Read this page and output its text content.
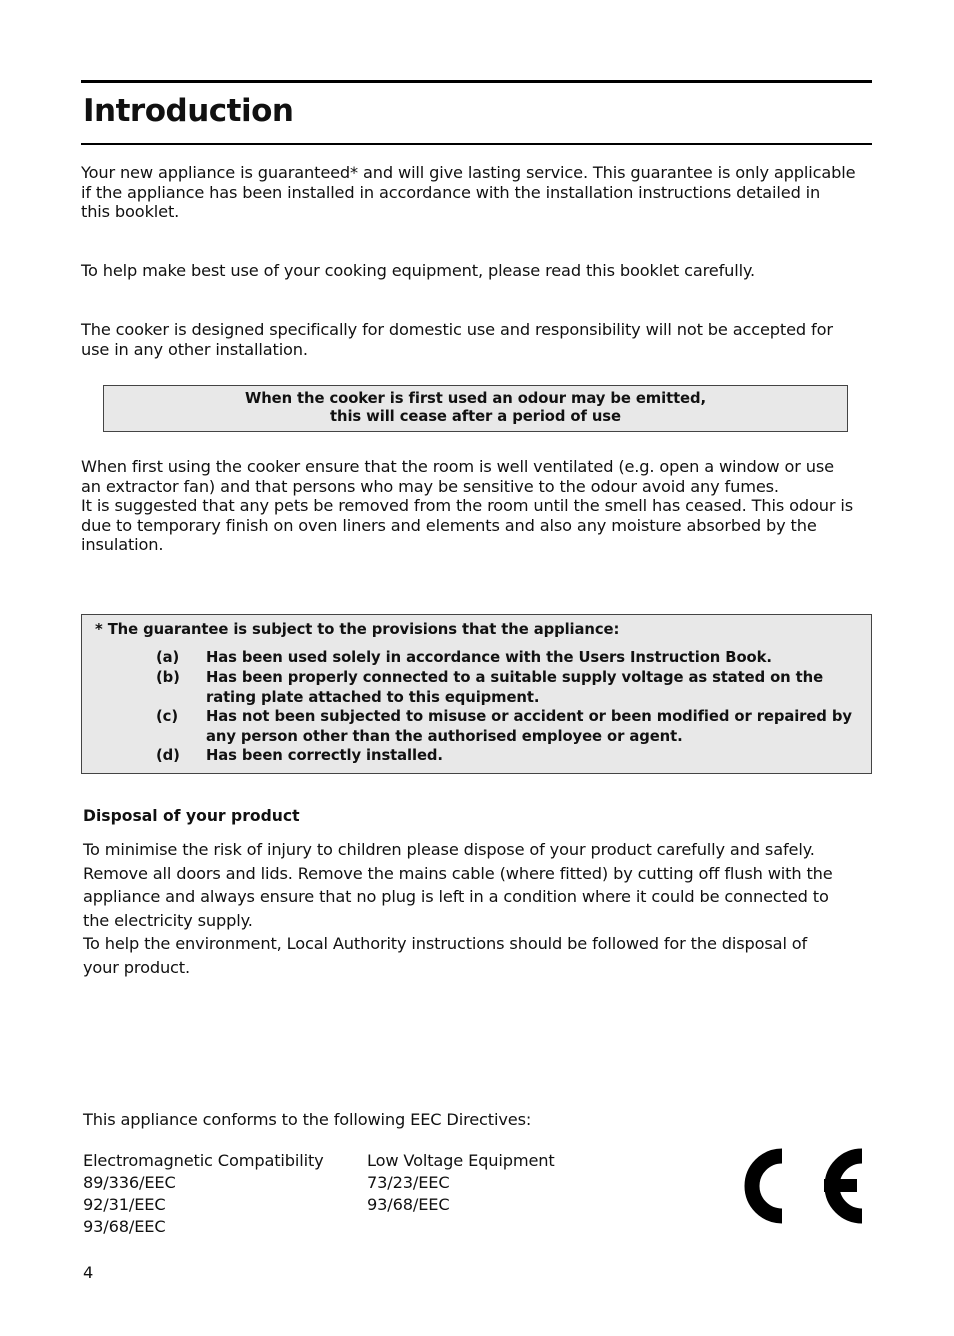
Introduction

Your new appliance is guaranteed* and will give lasting service. This guarantee is only applicable
if the appliance has been installed in accordance with the installation instructions detailed in
this booklet.

To help make best use of your cooking equipment, please read this booklet carefully.

The cooker is designed specifically for domestic use and responsibility will not be accepted for
use in any other installation.

When the cooker is first used an odour may be emitted,
this will cease after a period of use

When first using the cooker ensure that the room is well ventilated (e.g. open a window or use
an extractor fan) and that persons who may be sensitive to the odour avoid any fumes.
It is suggested that any pets be removed from the room until the smell has ceased. This odour is
due to temporary finish on oven liners and elements and also any moisture absorbed by the
insulation.

* The guarantee is subject to the provisions that the appliance:
(a) Has been used solely in accordance with the Users Instruction Book.
(b) Has been properly connected to a suitable supply voltage as stated on the
rating plate attached to this equipment.
(c) Has not been subjected to misuse or accident or been modified or repaired by
any person other than the authorised employee or agent.
(d) Has been correctly installed.
Disposal of your product
To minimise the risk of injury to children please dispose of your product carefully and safely.
Remove all doors and lids. Remove the mains cable (where fitted) by cutting off flush with the
appliance and always ensure that no plug is left in a condition where it could be connected to
the electricity supply.
To help the environment, Local Authority instructions should be followed for the disposal of
your product.
This appliance conforms to the following EEC Directives:
Electromagnetic Compatibility
89/336/EEC
92/31/EEC
93/68/EEC
Low Voltage Equipment
73/23/EEC
93/68/EEC
4
